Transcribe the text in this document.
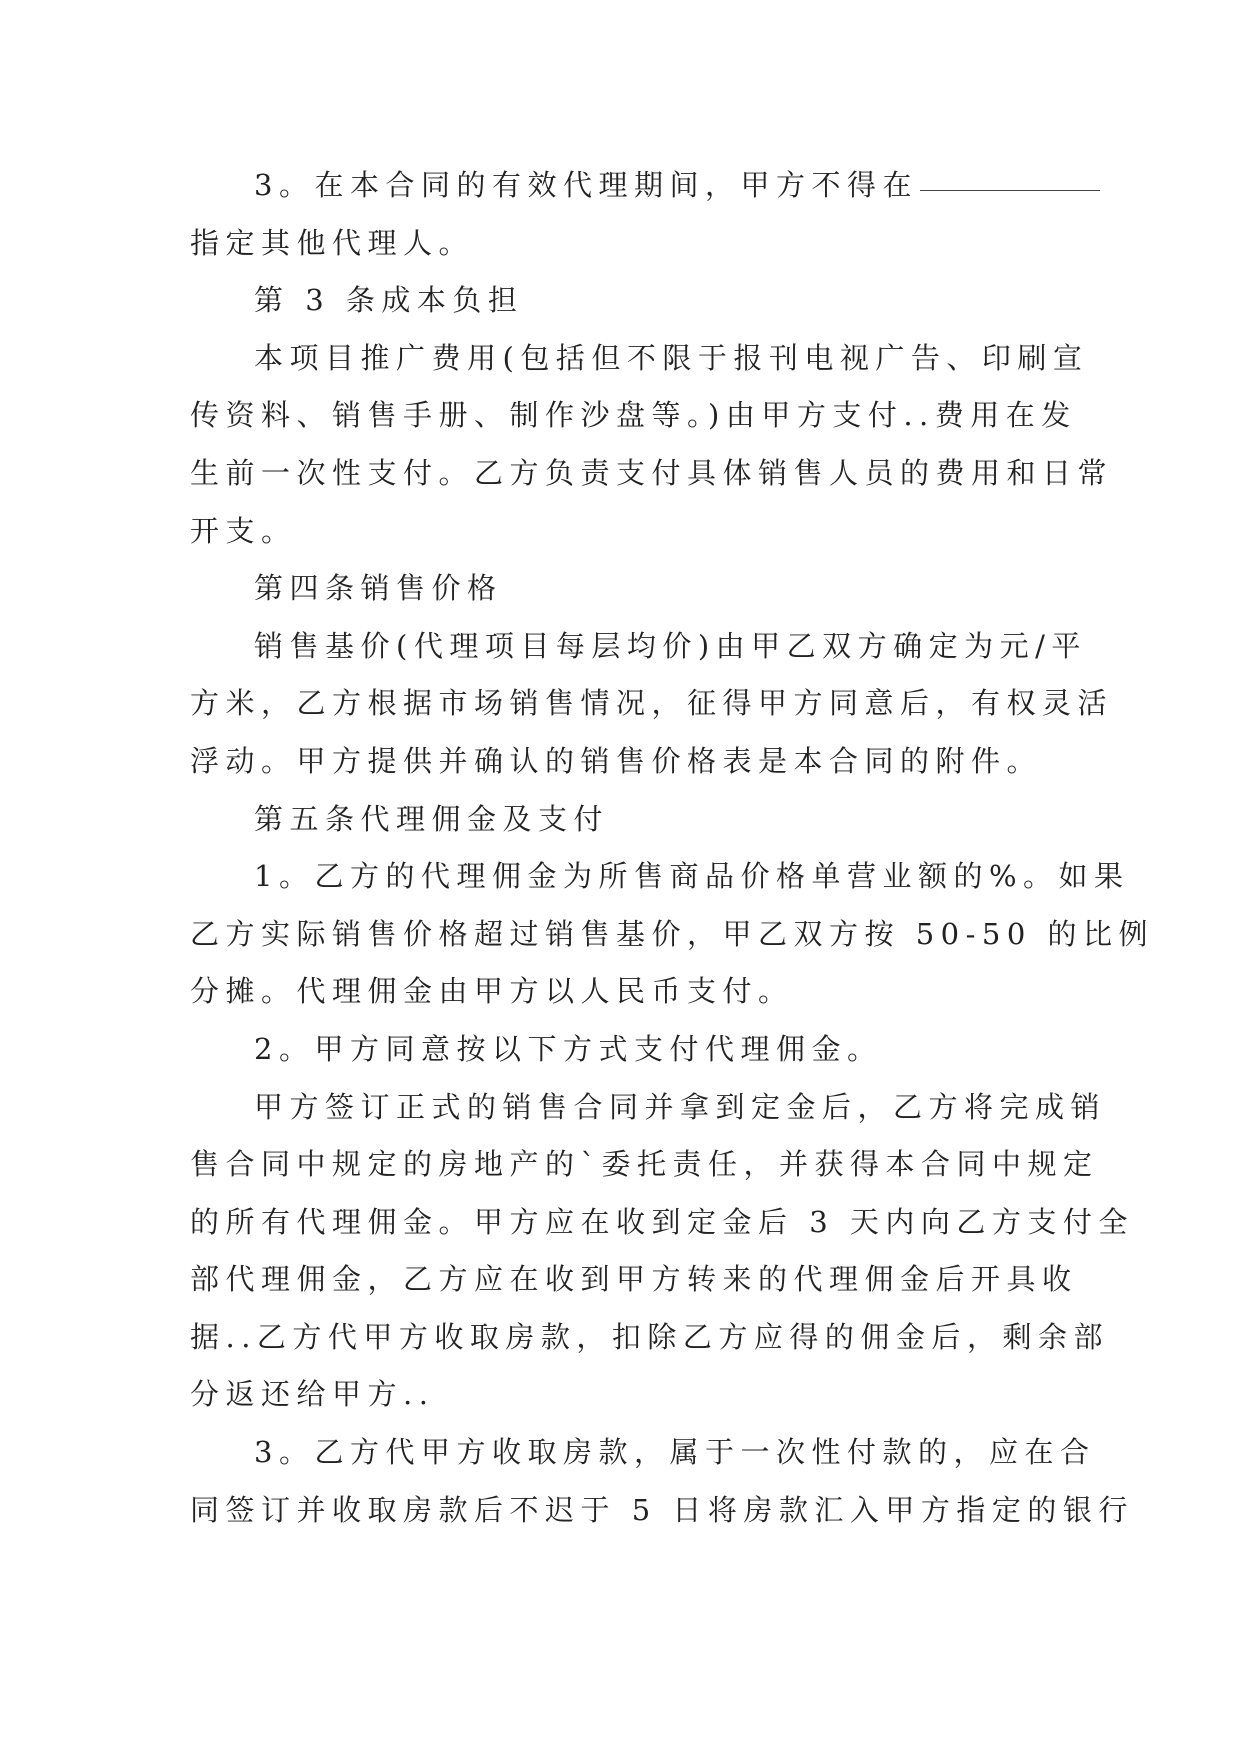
3。在本合同的有效代理期间，甲方不得在
指定其他代理人。
第 3 条成本负担
本项目推广费用(包括但不限于报刊电视广告、印刷宣
传资料、销售手册、制作沙盘等。)由甲方支付..费用在发
生前一次性支付。乙方负责支付具体销售人员的费用和日常
开支。
第四条销售价格
销售基价(代理项目每层均价)由甲乙双方确定为元/平
方米，乙方根据市场销售情况，征得甲方同意后，有权灵活
浮动。甲方提供并确认的销售价格表是本合同的附件。
第五条代理佣金及支付
1。乙方的代理佣金为所售商品价格单营业额的%。如果
乙方实际销售价格超过销售基价，甲乙双方按 50-50 的比例
分摊。代理佣金由甲方以人民币支付。
2。甲方同意按以下方式支付代理佣金。
甲方签订正式的销售合同并拿到定金后，乙方将完成销
售合同中规定的房地产的`委托责任，并获得本合同中规定
的所有代理佣金。甲方应在收到定金后 3 天内向乙方支付全
部代理佣金，乙方应在收到甲方转来的代理佣金后开具收
据..乙方代甲方收取房款，扣除乙方应得的佣金后，剩余部
分返还给甲方..
3。乙方代甲方收取房款，属于一次性付款的，应在合
同签订并收取房款后不迟于 5 日将房款汇入甲方指定的银行
